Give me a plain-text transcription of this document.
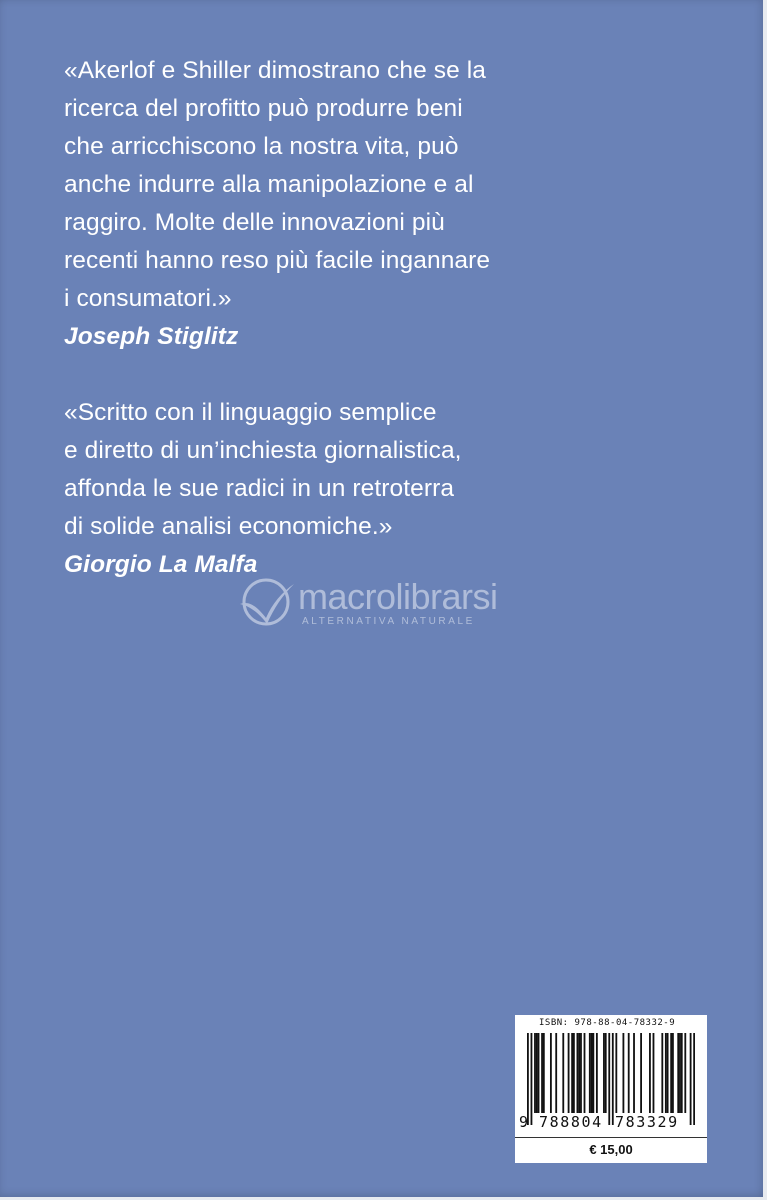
«Akerlof e Shiller dimostrano che se la
ricerca del profitto può produrre beni
che arricchiscono la nostra vita, può
anche indurre alla manipolazione e al
raggiro. Molte delle innovazioni più
recenti hanno reso più facile ingannare
i consumatori.»
Joseph Stiglitz
«Scritto con il linguaggio semplice
e diretto di un’inchiesta giornalistica,
affonda le sue radici in un retroterra
di solide analisi economiche.»
Giorgio La Malfa
macrolibrarsi
ALTERNATIVA NATURALE
ISBN: 978-88-04-78332-9
9 788804 783329
€ 15,00
